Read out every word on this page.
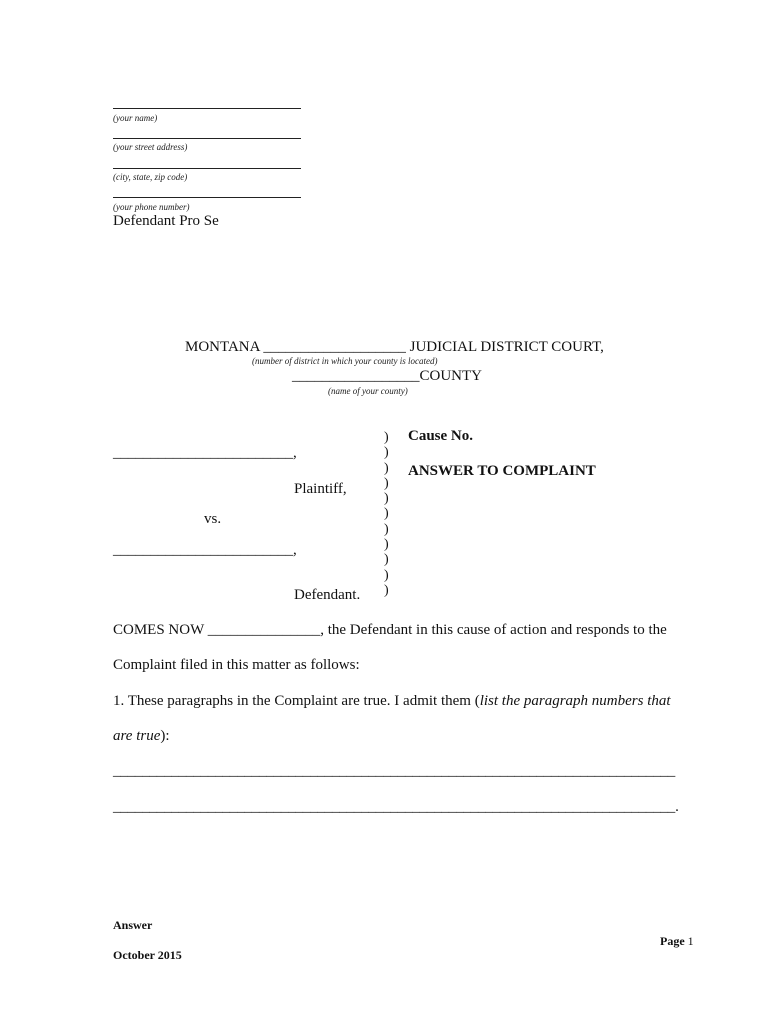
(your name)
(your street address)
(city, state, zip code)
(your phone number)
Defendant Pro Se
MONTANA ___________________ JUDICIAL DISTRICT COURT,
(number of district in which your county is located)
_________________COUNTY
(name of your county)
________________________,
Plaintiff,
vs.
________________________,
Defendant.
)
)
)
)
)
)
)
)
)
)
)
Cause No.
ANSWER TO COMPLAINT
COMES NOW _______________, the Defendant in this cause of action and responds to the
Complaint filed in this matter as follows:
1. These paragraphs in the Complaint are true. I admit them (list the paragraph numbers that
are true):
_____________________________________________________________________________
_____________________________________________________________________________.
Answer
October 2015
Page 1
